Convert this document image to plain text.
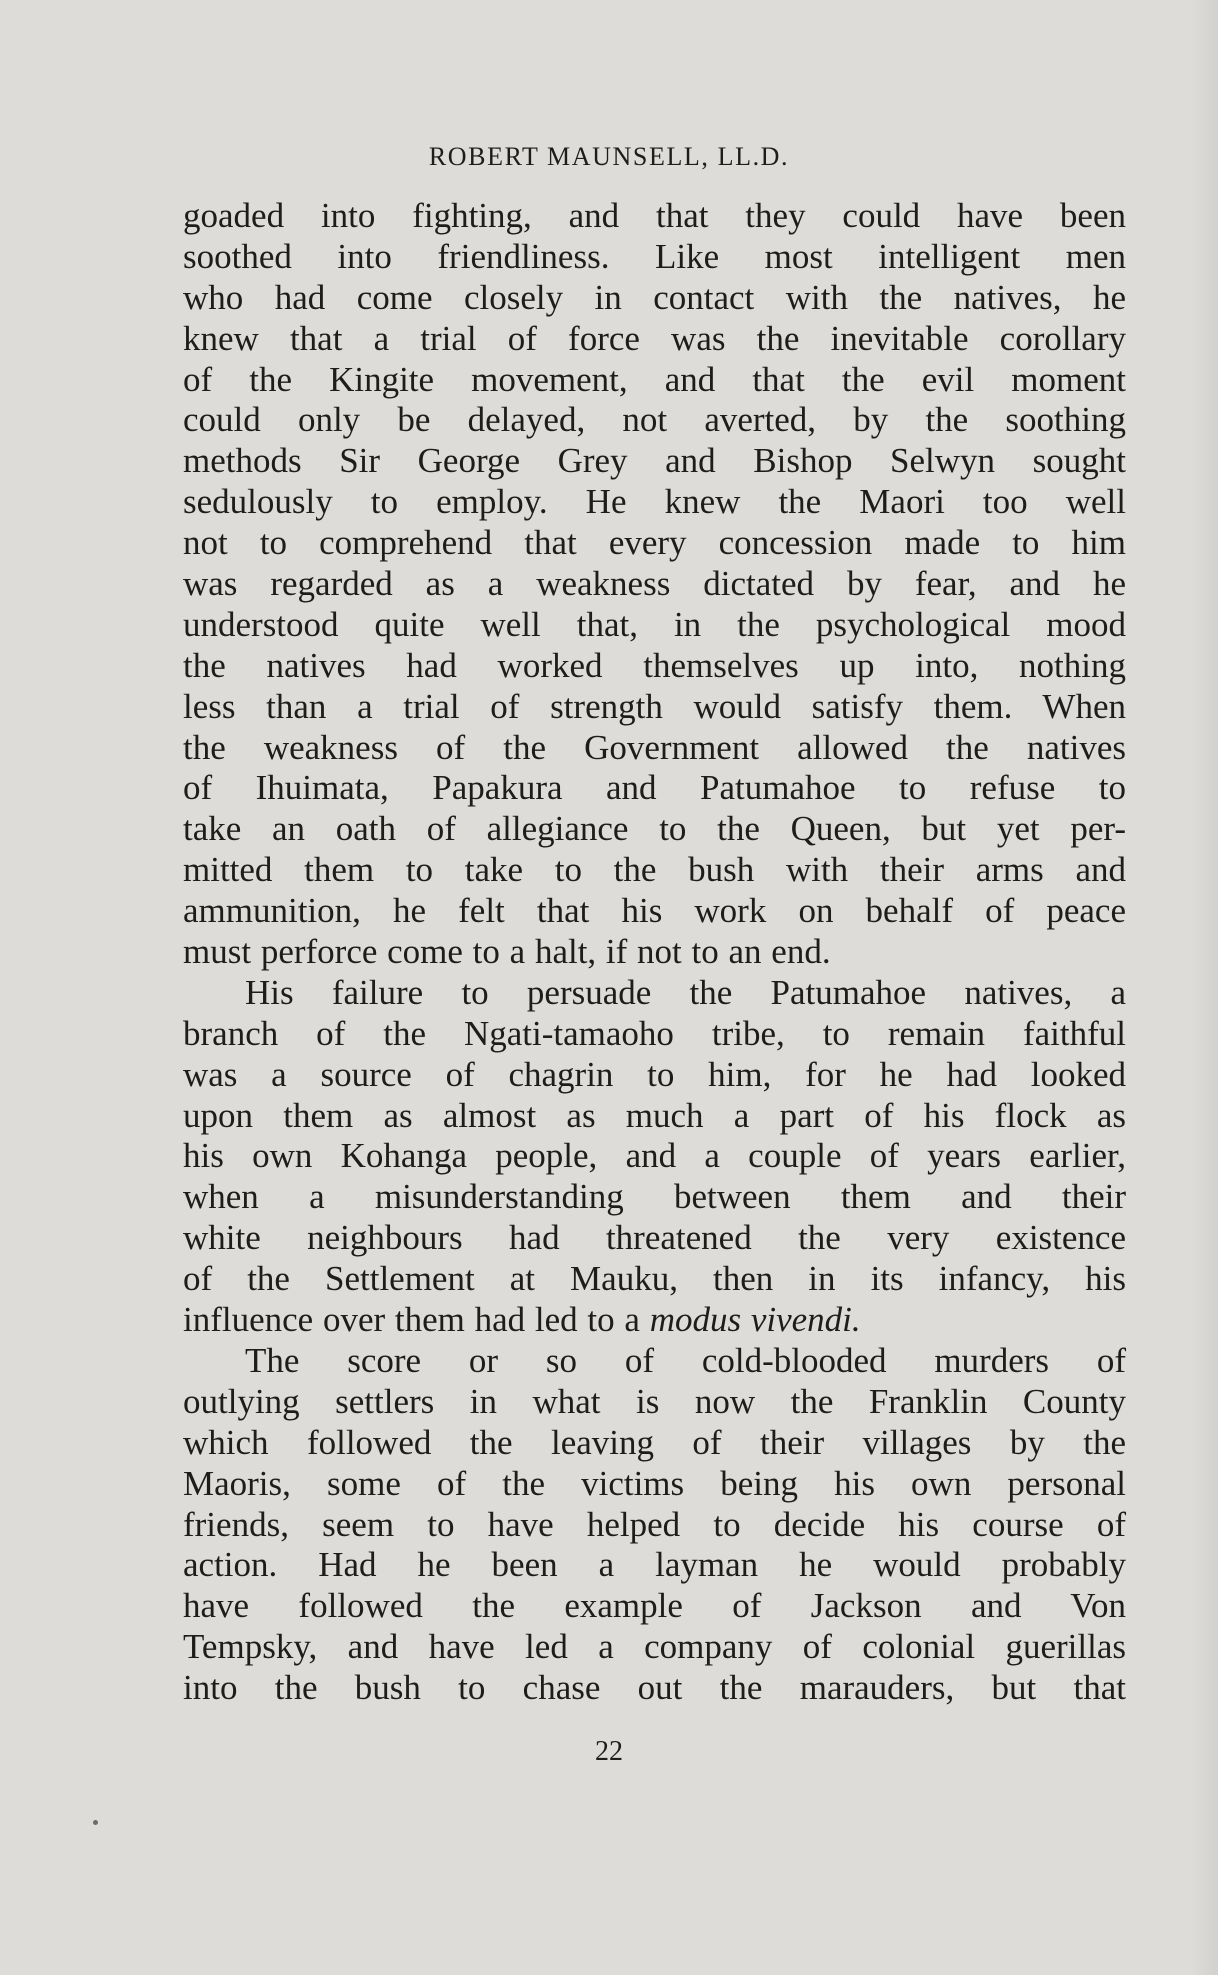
ROBERT MAUNSELL, LL.D.
goaded into fighting, and that they could have been
soothed into friendliness. Like most intelligent men
who had come closely in contact with the natives, he
knew that a trial of force was the inevitable corollary
of the Kingite movement, and that the evil moment
could only be delayed, not averted, by the soothing
methods Sir George Grey and Bishop Selwyn sought
sedulously to employ. He knew the Maori too well
not to comprehend that every concession made to him
was regarded as a weakness dictated by fear, and he
understood quite well that, in the psychological mood
the natives had worked themselves up into, nothing
less than a trial of strength would satisfy them. When
the weakness of the Government allowed the natives
of Ihuimata, Papakura and Patumahoe to refuse to
take an oath of allegiance to the Queen, but yet per-
mitted them to take to the bush with their arms and
ammunition, he felt that his work on behalf of peace
must perforce come to a halt, if not to an end.
His failure to persuade the Patumahoe natives, a
branch of the Ngati-tamaoho tribe, to remain faithful
was a source of chagrin to him, for he had looked
upon them as almost as much a part of his flock as
his own Kohanga people, and a couple of years earlier,
when a misunderstanding between them and their
white neighbours had threatened the very existence
of the Settlement at Mauku, then in its infancy, his
influence over them had led to a modus vivendi.
The score or so of cold-blooded murders of
outlying settlers in what is now the Franklin County
which followed the leaving of their villages by the
Maoris, some of the victims being his own personal
friends, seem to have helped to decide his course of
action. Had he been a layman he would probably
have followed the example of Jackson and Von
Tempsky, and have led a company of colonial guerillas
into the bush to chase out the marauders, but that
22
